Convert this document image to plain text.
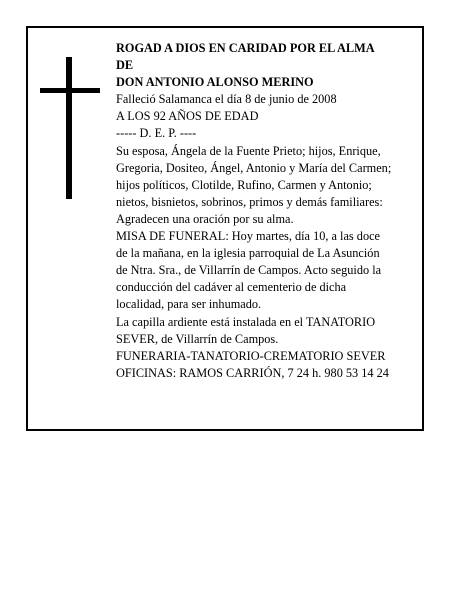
ROGAD A DIOS EN CARIDAD POR EL ALMA
DE
DON ANTONIO ALONSO MERINO
Falleció Salamanca el día 8 de junio de 2008
A LOS 92 AÑOS DE EDAD
----- D. E. P. ----
Su esposa, Ángela de la Fuente Prieto; hijos, Enrique,
Gregoria, Dositeo, Ángel, Antonio y María del Carmen;
hijos políticos, Clotilde, Rufino, Carmen y Antonio;
nietos, bisnietos, sobrinos, primos y demás familiares:
Agradecen una oración por su alma.
MISA DE FUNERAL: Hoy martes, día 10, a las doce
de la mañana, en la iglesia parroquial de La Asunción
de Ntra. Sra., de Villarrín de Campos. Acto seguido la
conducción del cadáver al cementerio de dicha
localidad, para ser inhumado.
La capilla ardiente está instalada en el TANATORIO
SEVER, de Villarrín de Campos.
FUNERARIA-TANATORIO-CREMATORIO SEVER
OFICINAS: RAMOS CARRIÓN, 7 24 h. 980 53 14 24
